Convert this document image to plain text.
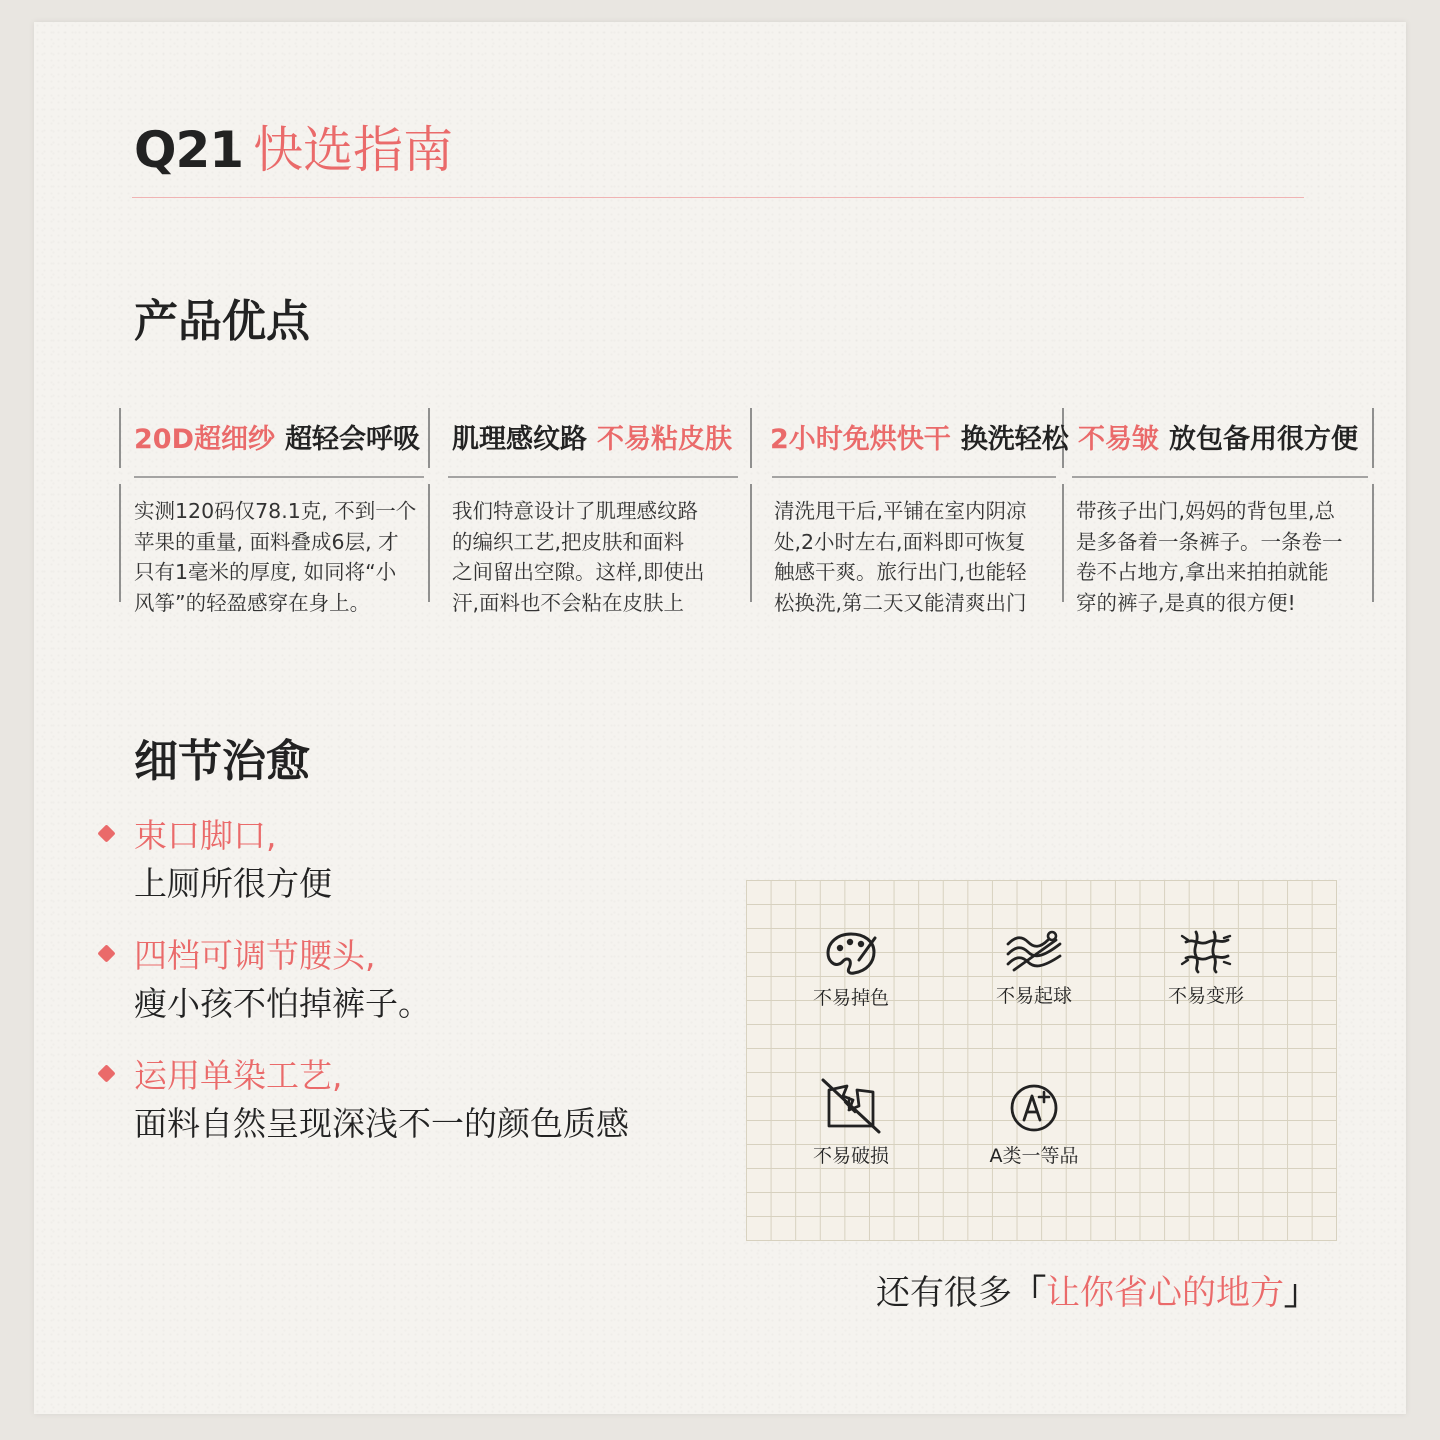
Q21 快选指南
产品优点
20D超细纱 超轻会呼吸
实测120码仅78.1克, 不到一个
苹果的重量, 面料叠成6层, 才
只有1毫米的厚度, 如同将“小
风筝”的轻盈感穿在身上。
肌理感纹路 不易粘皮肤
我们特意设计了肌理感纹路
的编织工艺,把皮肤和面料
之间留出空隙。这样,即使出
汗,面料也不会粘在皮肤上
2小时免烘快干 换洗轻松
清洗甩干后,平铺在室内阴凉
处,2小时左右,面料即可恢复
触感干爽。旅行出门,也能轻
松换洗,第二天又能清爽出门
不易皱 放包备用很方便
带孩子出门,妈妈的背包里,总
是多备着一条裤子。一条卷一
卷不占地方,拿出来拍拍就能
穿的裤子,是真的很方便!
细节治愈
束口脚口,
上厕所很方便
四档可调节腰头,
瘦小孩不怕掉裤子。
运用单染工艺,
面料自然呈现深浅不一的颜色质感
不易掉色	不易起球	不易变形
不易破损	A类一等品
还有很多「让你省心的地方」
